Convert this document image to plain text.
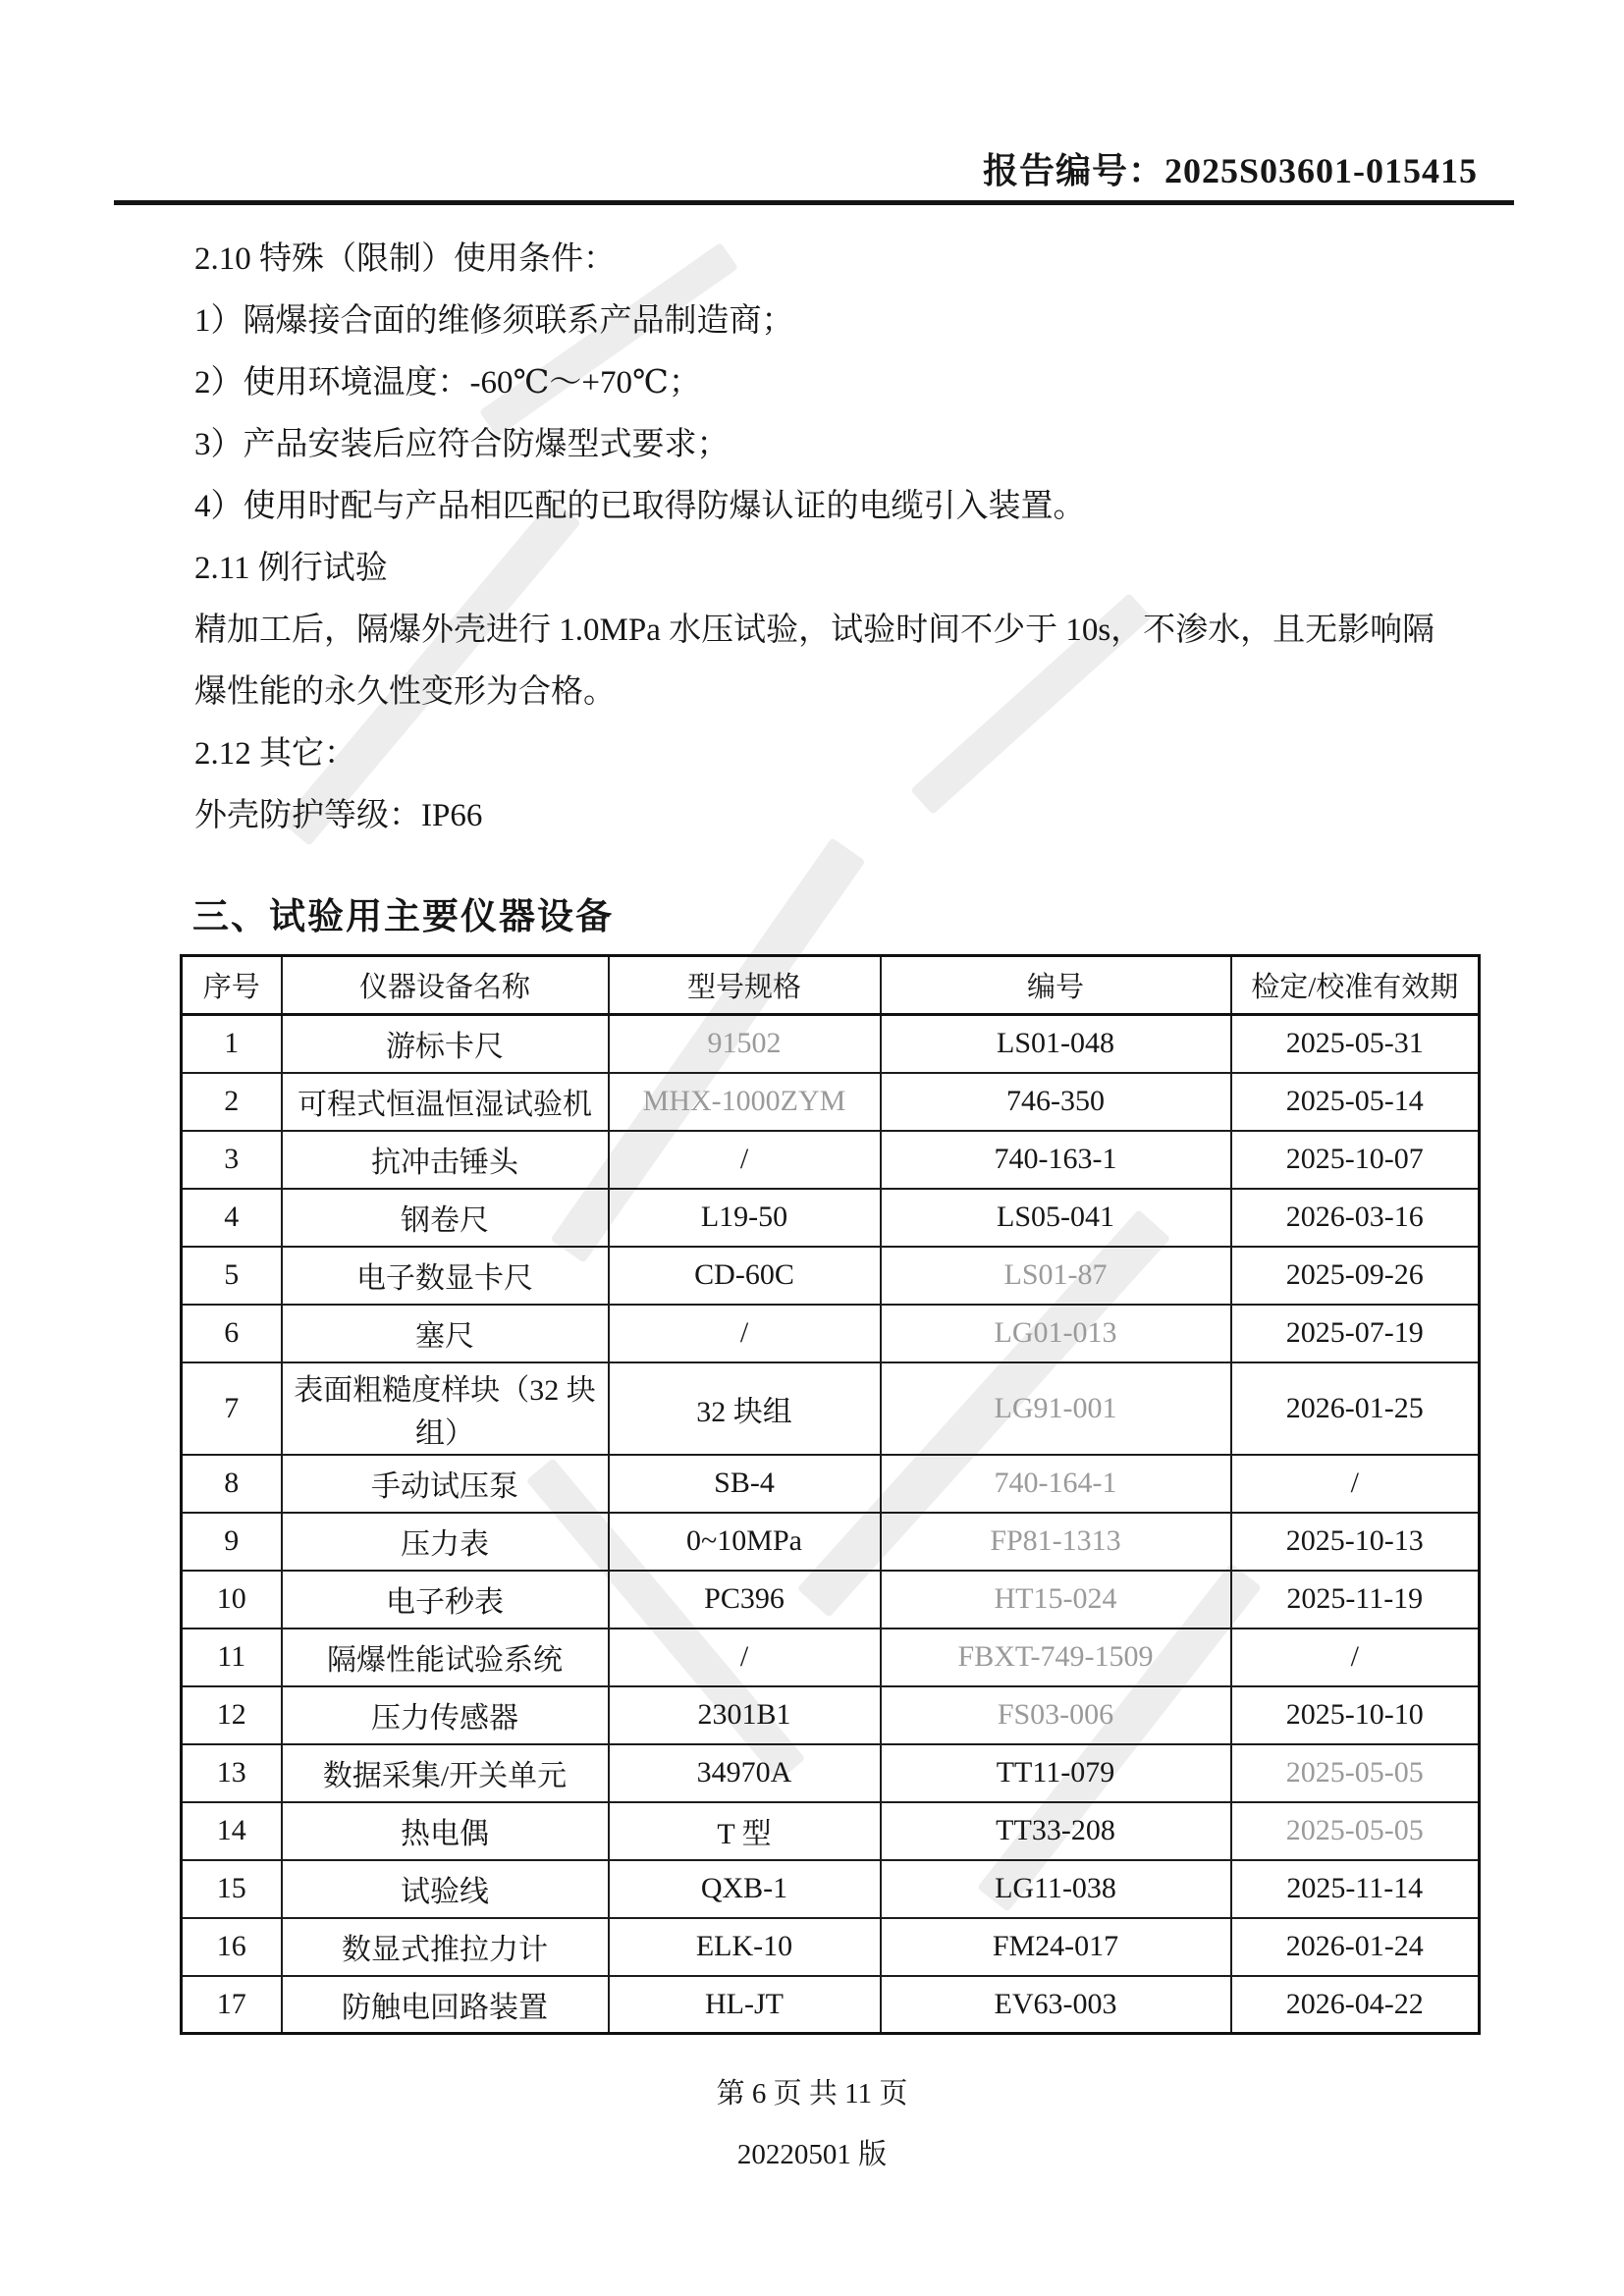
报告编号：2025S03601-015415
2.10 特殊（限制）使用条件：
1）隔爆接合面的维修须联系产品制造商；
2）使用环境温度：-60℃～+70℃；
3）产品安装后应符合防爆型式要求；
4）使用时配与产品相匹配的已取得防爆认证的电缆引入装置。
2.11 例行试验
精加工后，隔爆外壳进行 1.0MPa 水压试验，试验时间不少于 10s，不渗水，且无影响隔
爆性能的永久性变形为合格。
2.12 其它：
外壳防护等级：IP66
三、试验用主要仪器设备
序号	仪器设备名称	型号规格	编号	检定/校准有效期
1	游标卡尺	91502	LS01-048	2025-05-31
2	可程式恒温恒湿试验机	MHX-1000ZYM	746-350	2025-05-14
3	抗冲击锤头	/	740-163-1	2025-10-07
4	钢卷尺	L19-50	LS05-041	2026-03-16
5	电子数显卡尺	CD-60C	LS01-87	2025-09-26
6	塞尺	/	LG01-013	2025-07-19
7	表面粗糙度样块（32 块组）	32 块组	LG91-001	2026-01-25
8	手动试压泵	SB-4	740-164-1	/
9	压力表	0~10MPa	FP81-1313	2025-10-13
10	电子秒表	PC396	HT15-024	2025-11-19
11	隔爆性能试验系统	/	FBXT-749-1509	/
12	压力传感器	2301B1	FS03-006	2025-10-10
13	数据采集/开关单元	34970A	TT11-079	2025-05-05
14	热电偶	T 型	TT33-208	2025-05-05
15	试验线	QXB-1	LG11-038	2025-11-14
16	数显式推拉力计	ELK-10	FM24-017	2026-01-24
17	防触电回路装置	HL-JT	EV63-003	2026-04-22
第 6 页 共 11 页
20220501 版
